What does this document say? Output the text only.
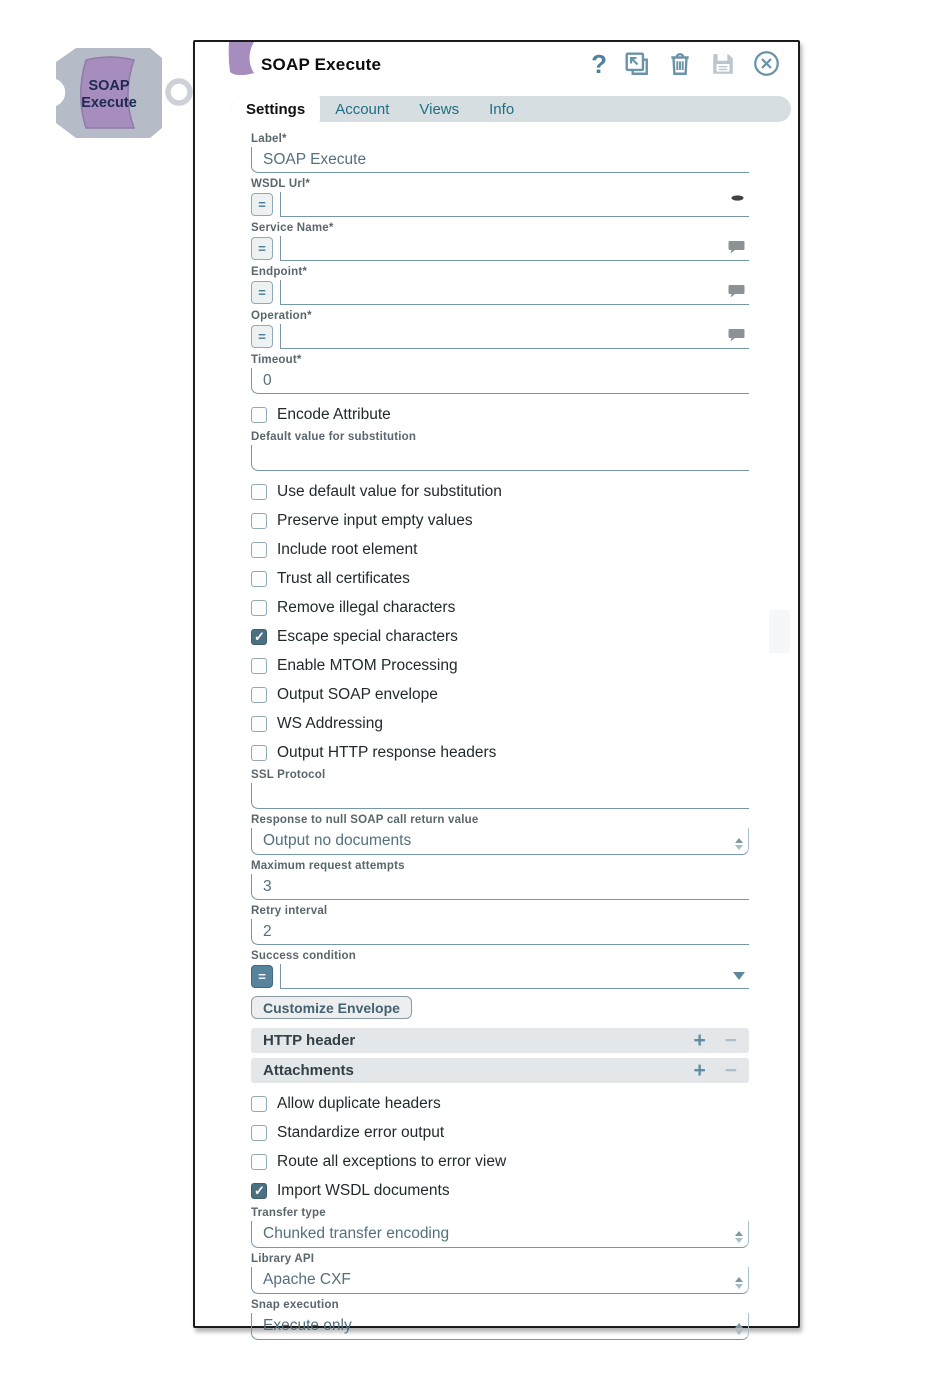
SOAP
Execute
SOAP Execute	?
Settings	Account	Views	Info
Label*
SOAP Execute
WSDL Url*
=
Service Name*
=
Endpoint*
=
Operation*
=
Timeout*
0
Encode Attribute
Default value for substitution
Use default value for substitution
Preserve input empty values
Include root element
Trust all certificates
Remove illegal characters
✓
Escape special characters
Enable MTOM Processing
Output SOAP envelope
WS Addressing
Output HTTP response headers
SSL Protocol
Response to null SOAP call return value
Output no documents
Maximum request attempts
3
Retry interval
2
Success condition
=
Customize Envelope
HTTP header	+ −
Attachments	+ −
Allow duplicate headers
Standardize error output
Route all exceptions to error view
✓
Import WSDL documents
Transfer type
Chunked transfer encoding
Library API
Apache CXF
Snap execution
Execute only
